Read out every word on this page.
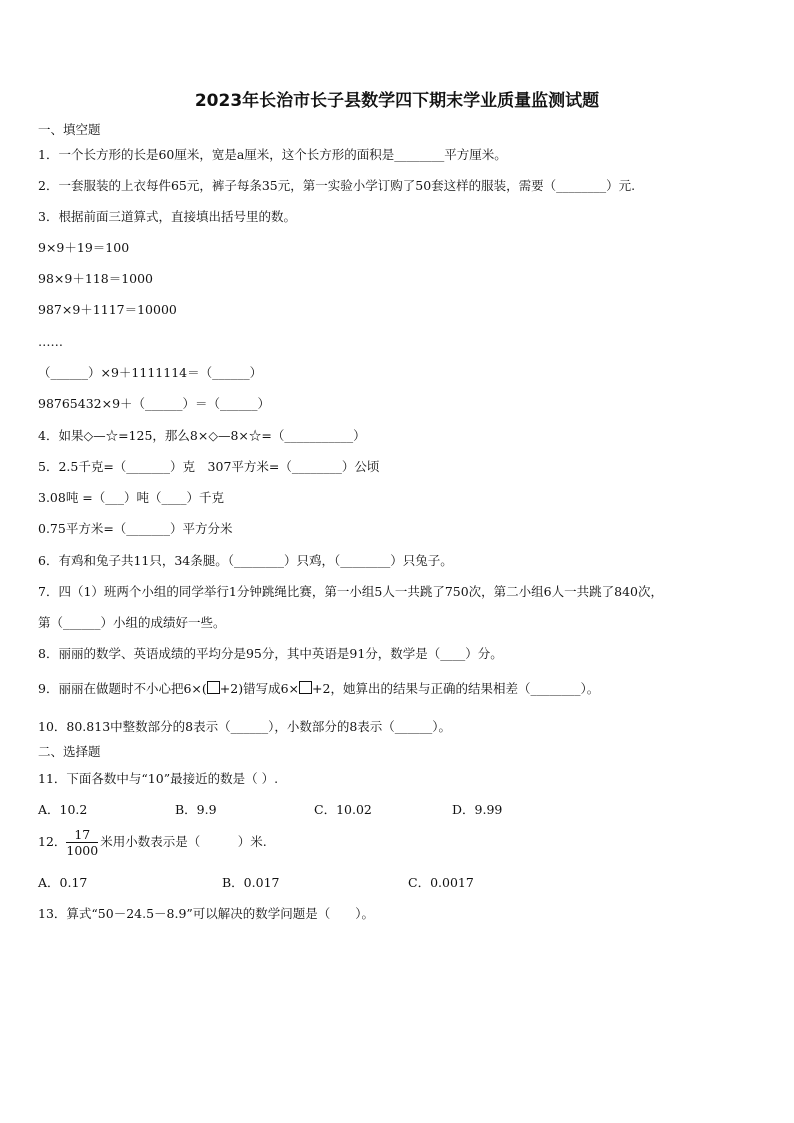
2023年长治市长子县数学四下期末学业质量监测试题
一、填空题
1．一个长方形的长是60厘米，宽是a厘米，这个长方形的面积是________平方厘米。
2．一套服装的上衣每件65元，裤子每条35元，第一实验小学订购了50套这样的服装，需要（________）元.
3．根据前面三道算式，直接填出括号里的数。
9×9＋19＝100
98×9＋118＝1000
987×9＋1117＝10000
……
（______）×9＋1111114＝（______）
98765432×9＋（______）＝（______）
4．如果◇—☆=125，那么8×◇—8×☆=（___________）
5．2.5千克=（_______）克　307平方米=（________）公顷
3.08吨 =（___）吨（____）千克
0.75平方米=（_______）平方分米
6．有鸡和兔子共11只，34条腿。（________）只鸡，（________）只兔子。
7．四（1）班两个小组的同学举行1分钟跳绳比赛，第一小组5人一共跳了750次，第二小组6人一共跳了840次，
第（______）小组的成绩好一些。
8．丽丽的数学、英语成绩的平均分是95分，其中英语是91分，数学是（____）分。
9．丽丽在做题时不小心把6×( +2)错写成6× +2，她算出的结果与正确的结果相差（________）。
10．80.813中整数部分的8表示（______），小数部分的8表示（______）。
二、选择题
11．下面各数中与“10”最接近的数是（ ）.
A．10.2	B．9.9	C．10.02	D．9.99
12． $\frac{17}{1000}$ 米用小数表示是（　　　）米.
A．0.17	B．0.017	C．0.0017
13．算式“50－24.5－8.9”可以解决的数学问题是（　　）。
